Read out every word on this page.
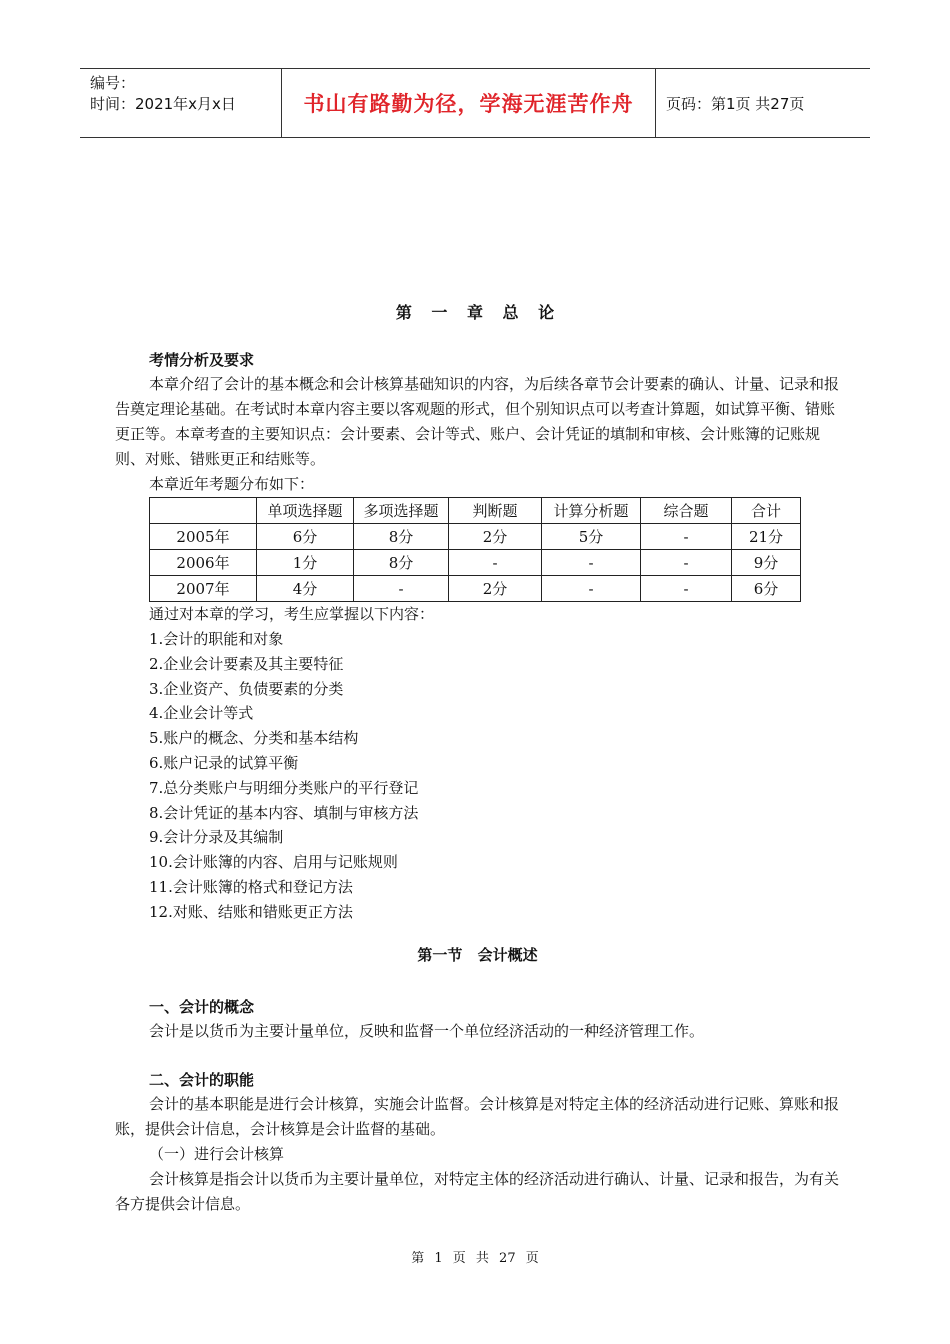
编号：
时间：2021年x月x日	书山有路勤为径，学海无涯苦作舟	页码：第1页 共27页
第 一 章 总 论
考情分析及要求

本章介绍了会计的基本概念和会计核算基础知识的内容，为后续各章节会计要素的确认、计量、记录和报告奠定理论基础。在考试时本章内容主要以客观题的形式，但个别知识点可以考查计算题，如试算平衡、错账更正等。本章考查的主要知识点：会计要素、会计等式、账户、会计凭证的填制和审核、会计账簿的记账规则、对账、错账更正和结账等。

本章近年考题分布如下：
	单项选择题	多项选择题	判断题	计算分析题	综合题	合计
2005年	6分	8分	2分	5分	-	21分
2006年	1分	8分	-	-	-	9分
2007年	4分	-	2分	-	-	6分
通过对本章的学习，考生应掌握以下内容：
1.会计的职能和对象
2.企业会计要素及其主要特征
3.企业资产、负债要素的分类
4.企业会计等式
5.账户的概念、分类和基本结构
6.账户记录的试算平衡
7.总分类账户与明细分类账户的平行登记
8.会计凭证的基本内容、填制与审核方法
9.会计分录及其编制
10.会计账簿的内容、启用与记账规则
11.会计账簿的格式和登记方法
12.对账、结账和错账更正方法
第一节 会计概述
一、会计的概念

会计是以货币为主要计量单位，反映和监督一个单位经济活动的一种经济管理工作。

二、会计的职能

会计的基本职能是进行会计核算，实施会计监督。会计核算是对特定主体的经济活动进行记账、算账和报账，提供会计信息，会计核算是会计监督的基础。

（一）进行会计核算

会计核算是指会计以货币为主要计量单位，对特定主体的经济活动进行确认、计量、记录和报告，为有关各方提供会计信息。

第 1 页 共 27 页
